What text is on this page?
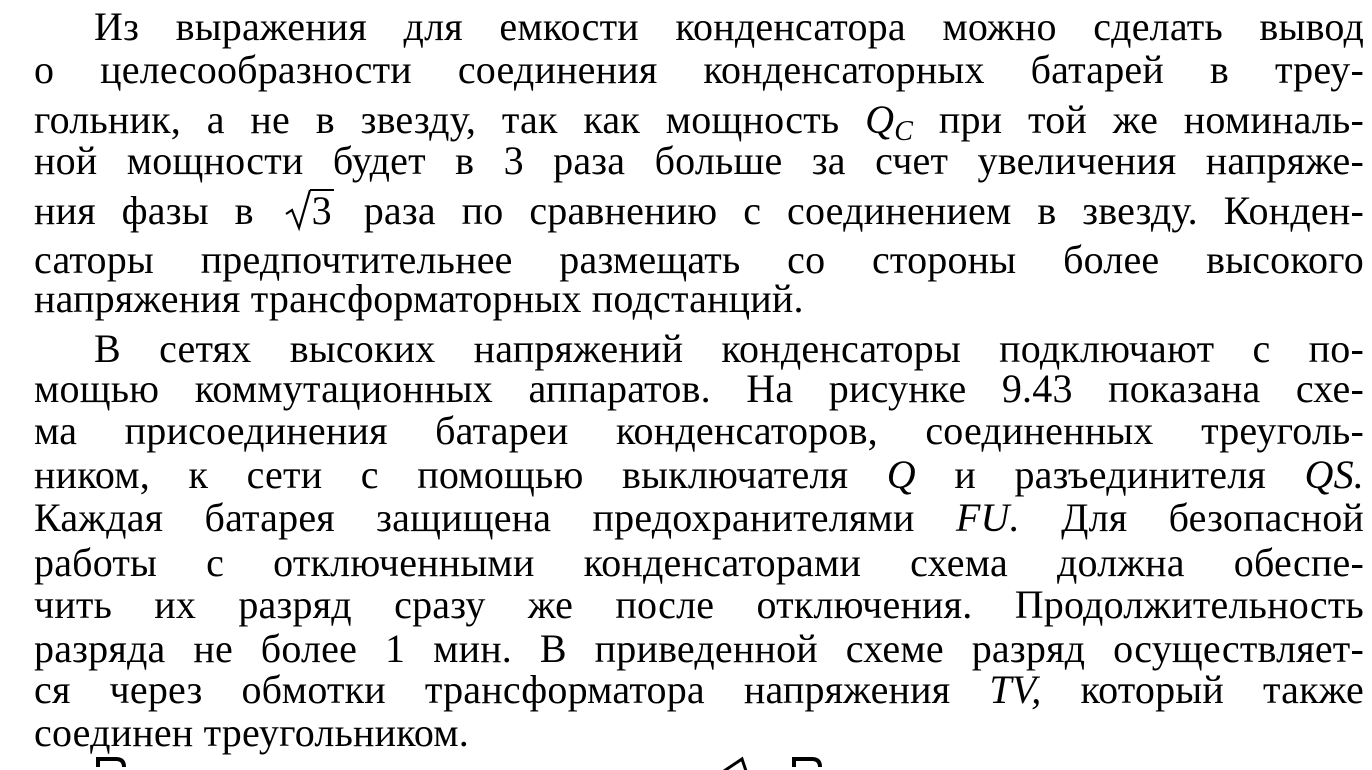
Из выражения для емкости конденсатора можно сделать вывод
о целесообразности соединения конденсаторных батарей в треу-
гольник, а не в звезду, так как мощность $Q_C$ при той же номиналь-
ной мощности будет в 3 раза больше за счет увеличения напряже-
ния фазы в 3 раза по сравнению с соединением в звезду. Конден-
саторы предпочтительнее размещать со стороны более высокого
напряжения трансформаторных подстанций.
В сетях высоких напряжений конденсаторы подключают с по-
мощью коммутационных аппаратов. На рисунке 9.43 показана схе-
ма присоединения батареи конденсаторов, соединенных треуголь-
ником, к сети с помощью выключателя Q и разъединителя QS.
Каждая батарея защищена предохранителями FU. Для безопасной
работы с отключенными конденсаторами схема должна обеспе-
чить их разряд сразу же после отключения. Продолжительность
разряда не более 1 мин. В приведенной схеме разряд осуществляет-
ся через обмотки трансформатора напряжения TV, который также
соединен треугольником.
